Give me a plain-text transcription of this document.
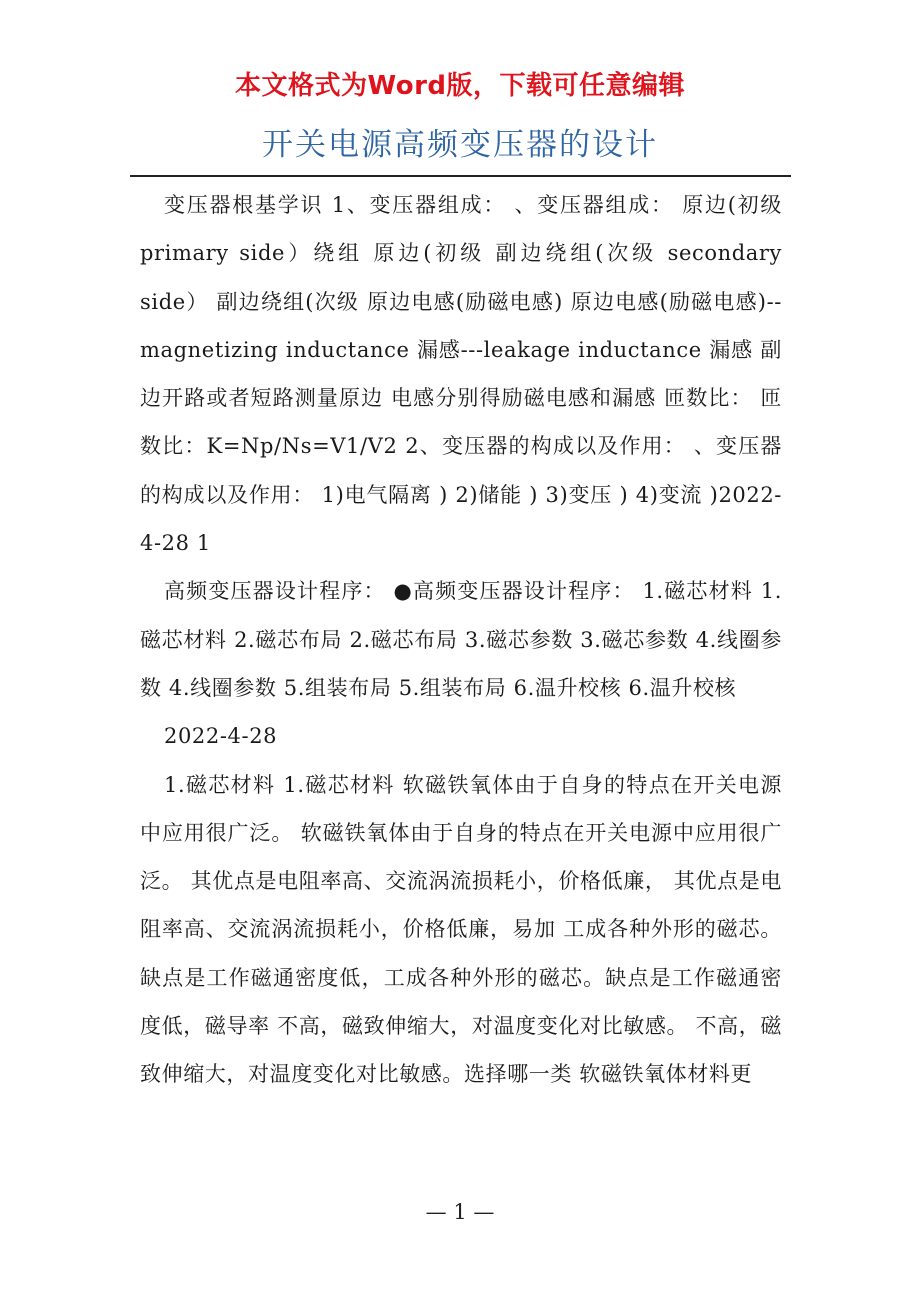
本文格式为Word版，下载可任意编辑
开关电源高频变压器的设计

变压器根基学识 1、变压器组成： 、变压器组成： 原边(初级 primary side）绕组 原边(初级 副边绕组(次级 secondary side） 副边绕组(次级 原边电感(励磁电感) 原边电感(励磁电感)--magnetizing inductance 漏感---leakage inductance 漏感 副边开路或者短路测量原边 电感分别得励磁电感和漏感 匝数比： 匝数比：K=Np/Ns=V1/V2 2、变压器的构成以及作用： 、变压器的构成以及作用： 1)电气隔离 ) 2)储能 ) 3)变压 ) 4)变流 )2022-4-28 1

高频变压器设计程序： ●高频变压器设计程序： 1.磁芯材料 1.磁芯材料 2.磁芯布局 2.磁芯布局 3.磁芯参数 3.磁芯参数 4.线圈参数 4.线圈参数 5.组装布局 5.组装布局 6.温升校核 6.温升校核

2022-4-28

1.磁芯材料 1.磁芯材料 软磁铁氧体由于自身的特点在开关电源中应用很广泛。 软磁铁氧体由于自身的特点在开关电源中应用很广泛。 其优点是电阻率高、交流涡流损耗小，价格低廉， 其优点是电阻率高、交流涡流损耗小，价格低廉，易加 工成各种外形的磁芯。缺点是工作磁通密度低，工成各种外形的磁芯。缺点是工作磁通密度低，磁导率 不高，磁致伸缩大，对温度变化对比敏感。 不高，磁致伸缩大，对温度变化对比敏感。选择哪一类 软磁铁氧体材料更

— 1 —
